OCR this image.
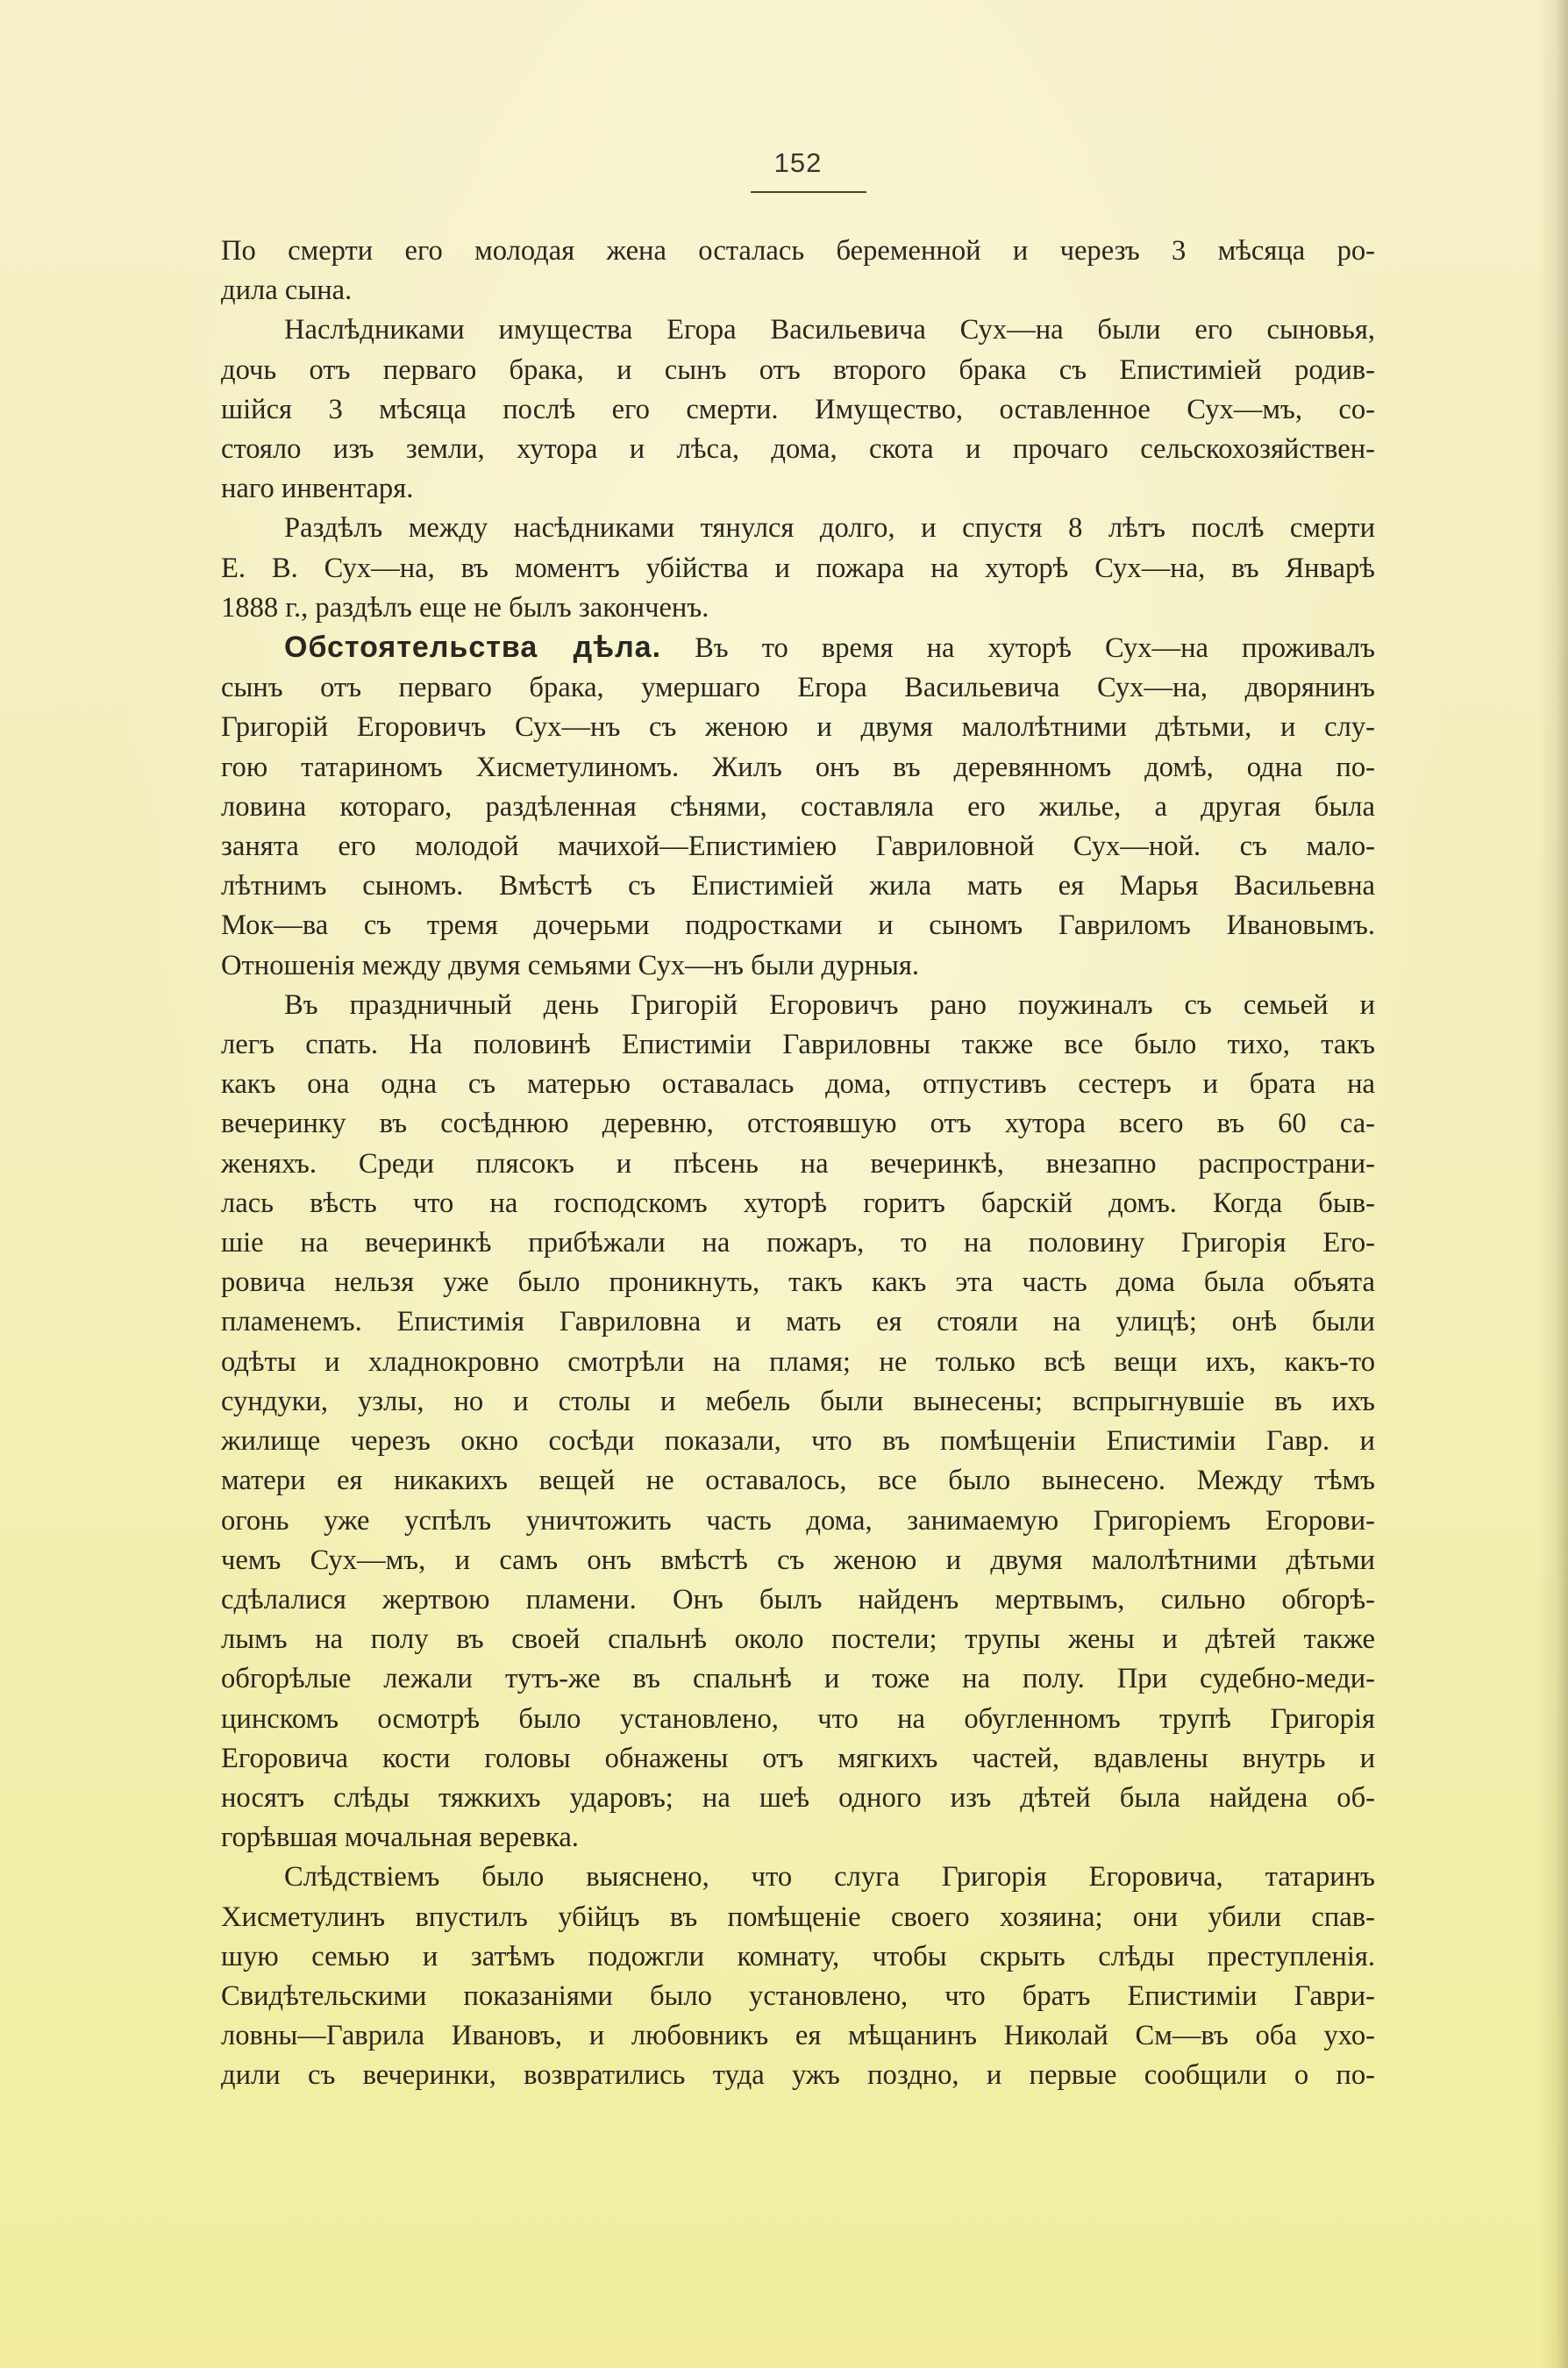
152
По смерти его молодая жена осталась беременной и черезъ 3 мѣсяца ро-
дила сына.
Наслѣдниками имущества Егора Васильевича Сух—на были его сыновья,
дочь отъ перваго брака, и сынъ отъ второго брака съ Епистиміей родив-
шійся 3 мѣсяца послѣ его смерти. Имущество, оставленное Сух—мъ, со-
стояло изъ земли, хутора и лѣса, дома, скота и прочаго сельскохозяйствен-
наго инвентаря.
Раздѣлъ между насѣдниками тянулся долго, и спустя 8 лѣтъ послѣ смерти
Е. В. Сух—на, въ моментъ убійства и пожара на хуторѣ Сух—на, въ Январѣ
1888 г., раздѣлъ еще не былъ законченъ.
Обстоятельства дѣла. Въ то время на хуторѣ Сух—на проживалъ
сынъ отъ перваго брака, умершаго Егора Васильевича Сух—на, дворянинъ
Григорій Егоровичъ Сух—нъ съ женою и двумя малолѣтними дѣтьми, и слу-
гою татариномъ Хисметулиномъ. Жилъ онъ въ деревянномъ домѣ, одна по-
ловина котораго, раздѣленная сѣнями, составляла его жилье, а другая была
занята его молодой мачихой—Епистиміею Гавриловной Сух—ной. съ мало-
лѣтнимъ сыномъ. Вмѣстѣ съ Епистиміей жила мать ея Марья Васильевна
Мок—ва съ тремя дочерьми подростками и сыномъ Гавриломъ Ивановымъ.
Отношенія между двумя семьями Сух—нъ были дурныя.
Въ праздничный день Григорій Егоровичъ рано поужиналъ съ семьей и
легъ спать. На половинѣ Епистиміи Гавриловны также все было тихо, такъ
какъ она одна съ матерью оставалась дома, отпустивъ сестеръ и брата на
вечеринку въ сосѣднюю деревню, отстоявшую отъ хутора всего въ 60 са-
женяхъ. Среди плясокъ и пѣсень на вечеринкѣ, внезапно распространи-
лась вѣсть что на господскомъ хуторѣ горитъ барскій домъ. Когда быв-
шіе на вечеринкѣ прибѣжали на пожаръ, то на половину Григорія Его-
ровича нельзя уже было проникнуть, такъ какъ эта часть дома была объята
пламенемъ. Епистимія Гавриловна и мать ея стояли на улицѣ; онѣ были
одѣты и хладнокровно смотрѣли на пламя; не только всѣ вещи ихъ, какъ-то
сундуки, узлы, но и столы и мебель были вынесены; вспрыгнувшіе въ ихъ
жилище черезъ окно сосѣди показали, что въ помѣщеніи Епистиміи Гавр. и
матери ея никакихъ вещей не оставалось, все было вынесено. Между тѣмъ
огонь уже успѣлъ уничтожить часть дома, занимаемую Григоріемъ Егорови-
чемъ Сух—мъ, и самъ онъ вмѣстѣ съ женою и двумя малолѣтними дѣтьми
сдѣлалися жертвою пламени. Онъ былъ найденъ мертвымъ, сильно обгорѣ-
лымъ на полу въ своей спальнѣ около постели; трупы жены и дѣтей также
обгорѣлые лежали тутъ-же въ спальнѣ и тоже на полу. При судебно-меди-
цинскомъ осмотрѣ было установлено, что на обугленномъ трупѣ Григорія
Егоровича кости головы обнажены отъ мягкихъ частей, вдавлены внутрь и
носятъ слѣды тяжкихъ ударовъ; на шеѣ одного изъ дѣтей была найдена об-
горѣвшая мочальная веревка.
Слѣдствіемъ было выяснено, что слуга Григорія Егоровича, татаринъ
Хисметулинъ впустилъ убійцъ въ помѣщеніе своего хозяина; они убили спав-
шую семью и затѣмъ подожгли комнату, чтобы скрыть слѣды преступленія.
Свидѣтельскими показаніями было установлено, что братъ Епистиміи Гаври-
ловны—Гаврила Ивановъ, и любовникъ ея мѣщанинъ Николай См—въ оба ухо-
дили съ вечеринки, возвратились туда ужъ поздно, и первые сообщили о по-
